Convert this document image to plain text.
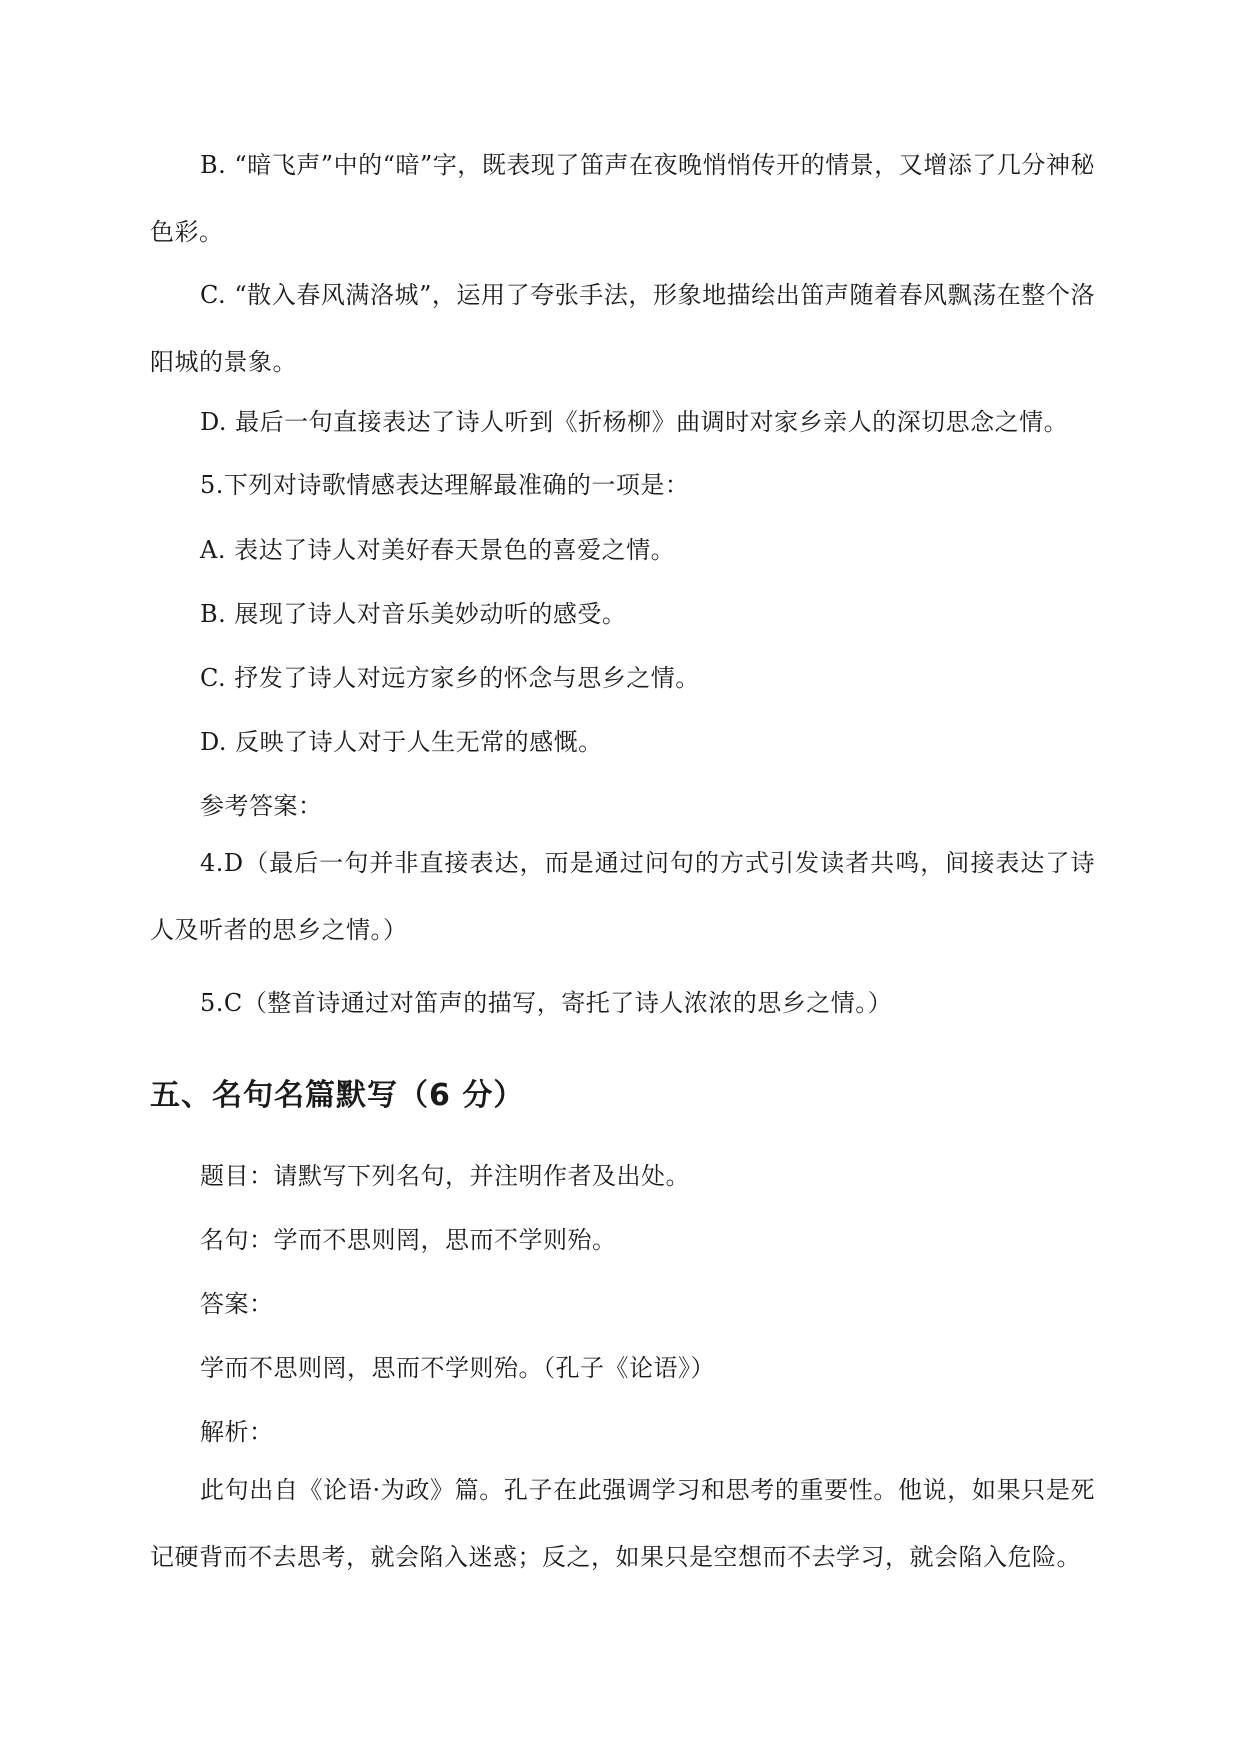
B. “暗飞声”中的“暗”字，既表现了笛声在夜晚悄悄传开的情景，又增添了几分神秘色彩。
C. “散入春风满洛城”，运用了夸张手法，形象地描绘出笛声随着春风飘荡在整个洛阳城的景象。
D. 最后一句直接表达了诗人听到《折杨柳》曲调时对家乡亲人的深切思念之情。
5.下列对诗歌情感表达理解最准确的一项是：
A. 表达了诗人对美好春天景色的喜爱之情。
B. 展现了诗人对音乐美妙动听的感受。
C. 抒发了诗人对远方家乡的怀念与思乡之情。
D. 反映了诗人对于人生无常的感慨。
参考答案：
4.D（最后一句并非直接表达，而是通过问句的方式引发读者共鸣，间接表达了诗人及听者的思乡之情。）
5.C（整首诗通过对笛声的描写，寄托了诗人浓浓的思乡之情。）
五、名句名篇默写（6 分）
题目：请默写下列名句，并注明作者及出处。
名句：学而不思则罔，思而不学则殆。
答案：
学而不思则罔，思而不学则殆。（孔子《论语》）
解析：
此句出自《论语·为政》篇。孔子在此强调学习和思考的重要性。他说，如果只是死记硬背而不去思考，就会陷入迷惑；反之，如果只是空想而不去学习，就会陷入危险。
